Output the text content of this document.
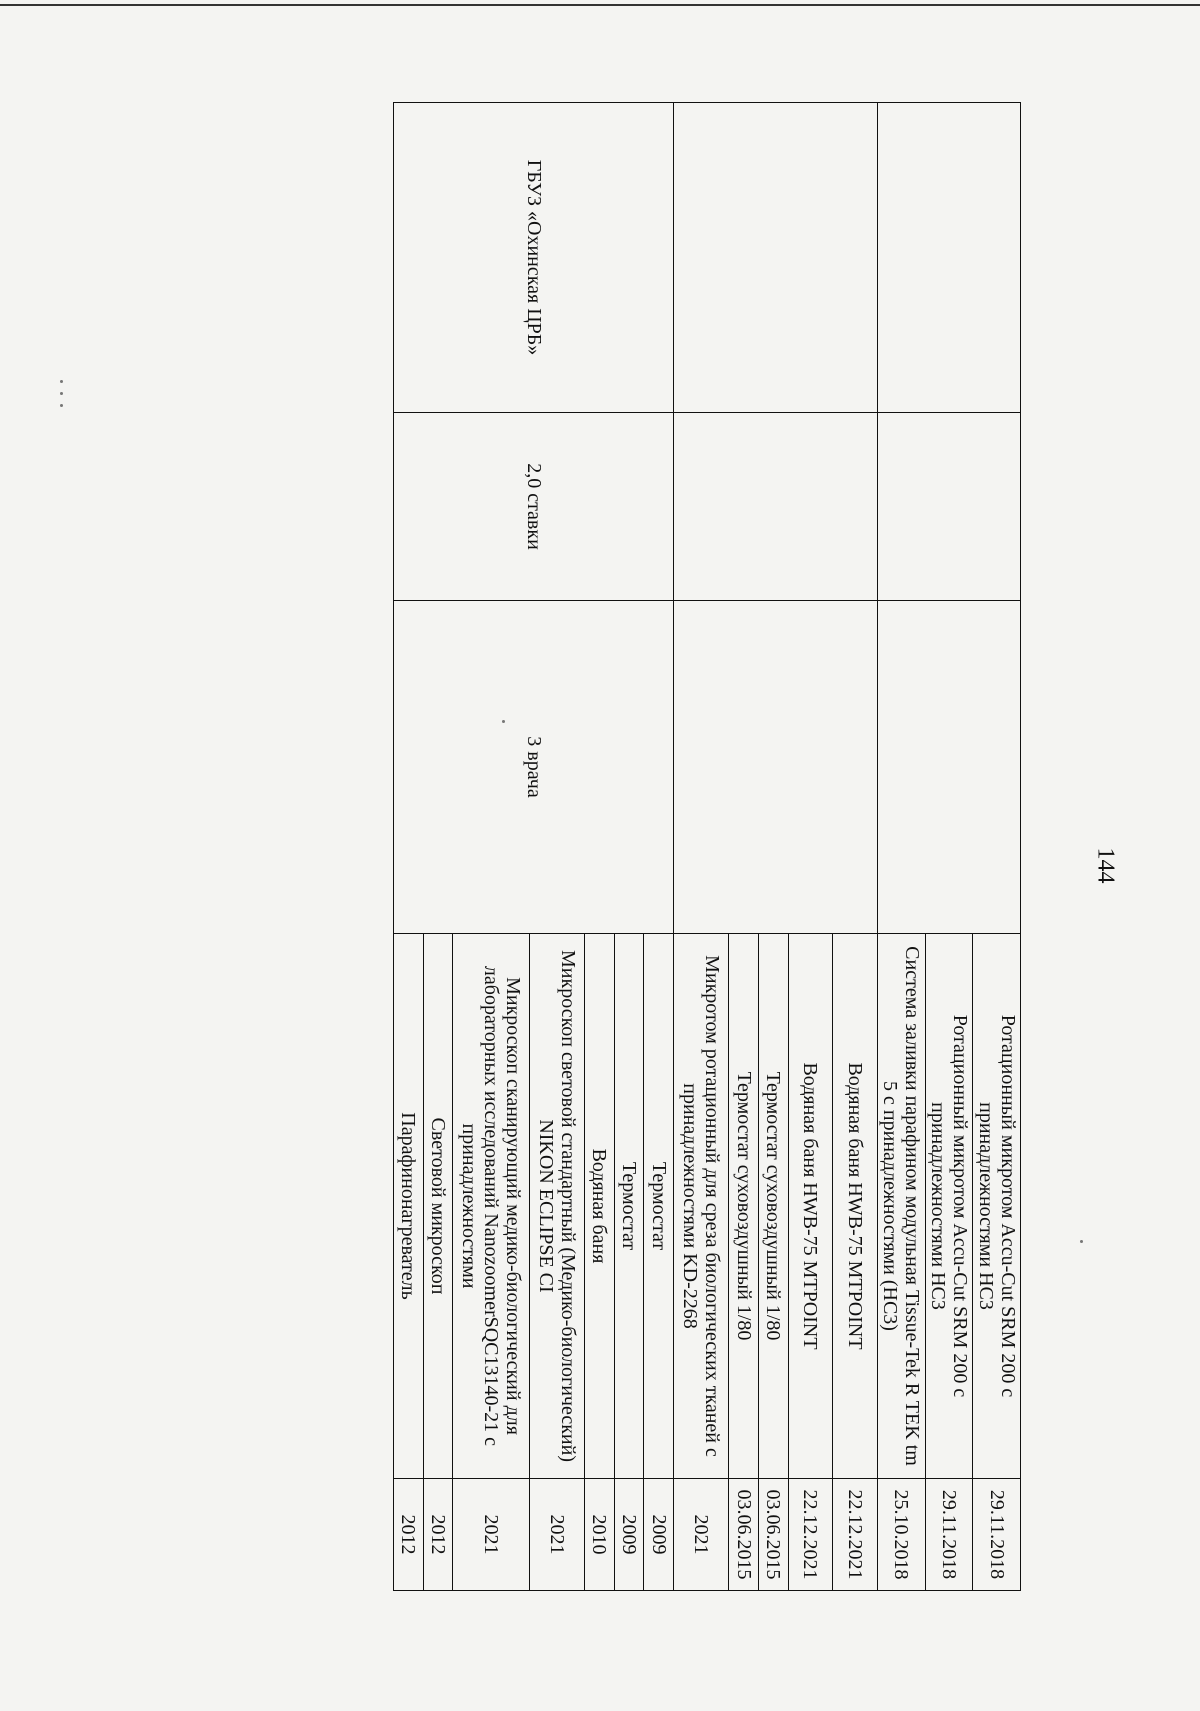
144
			Ротационный микротом Accu-Cut SRM 200 с принадлежностями НС3	29.11.2018
			Ротационный микротом Accu-Cut SRM 200 с принадлежностями НС3	29.11.2018
			Система заливки парафином модульная Tissue-Tek R TEK tm 5 с принадлежностями (НС3)	25.10.2018
			Водяная баня HWB-75 MTPOINT	22.12.2021
			Водяная баня HWB-75 MTPOINT	22.12.2021
			Термостат суховоздушный 1/80	03.06.2015
			Термостат суховоздушный 1/80	03.06.2015
			Микротом ротационный для среза биологических тканей с принадлежностями KD-2268	2021
ГБУЗ «Охинская ЦРБ»	2,0 ставки	3 врача	Термостат	2009
			Термостат	2009
			Водяная баня	2010
			Микроскоп световой стандартный (Медико-биологический) NIKON ECLIPSE CI	2021
			Микроскоп сканирующий медико-биологический для лабораторных исследований NanozoomerSQC13140-21 с принадлежностями	2021
			Световой микроскоп	2012
			Парафинонагреватель	2012
